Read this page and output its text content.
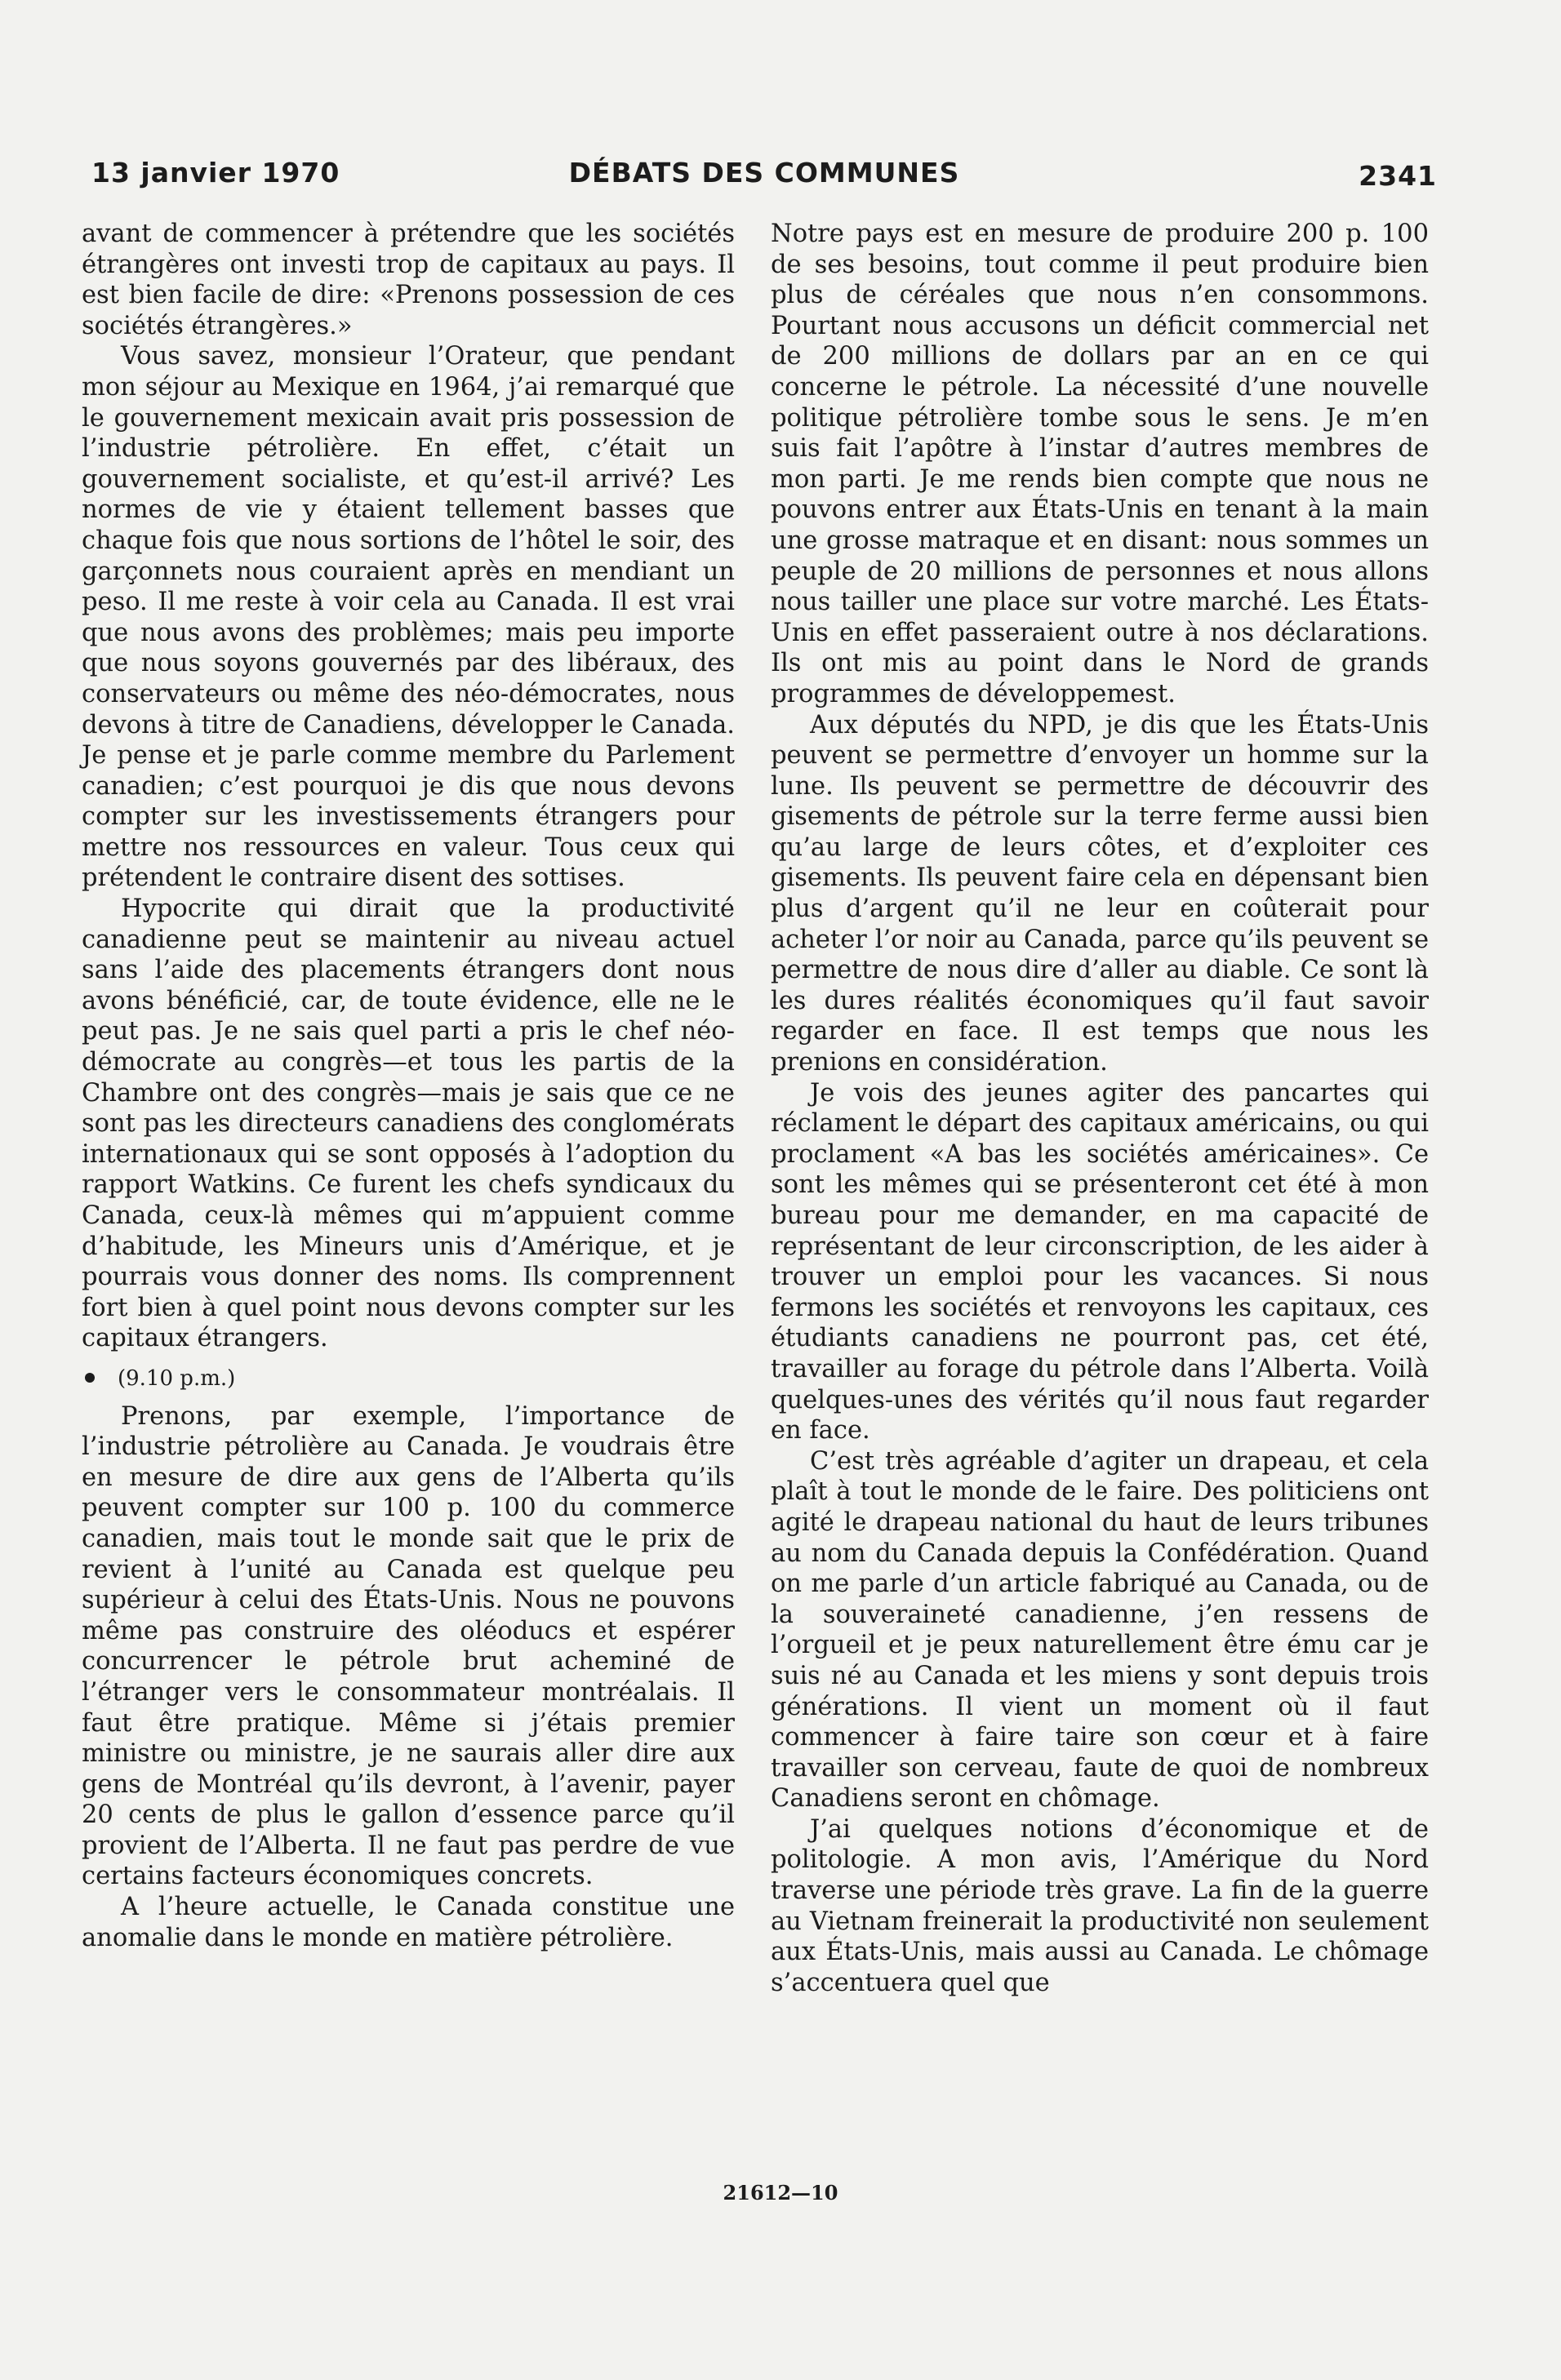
13 janvier 1970	DÉBATS DES COMMUNES	2341

avant de commencer à prétendre que les sociétés étrangères ont investi trop de capitaux au pays. Il est bien facile de dire: «Prenons possession de ces sociétés étrangères.»

Vous savez, monsieur l’Orateur, que pendant mon séjour au Mexique en 1964, j’ai remarqué que le gouvernement mexicain avait pris possession de l’industrie pétrolière. En effet, c’était un gouvernement socialiste, et qu’est-il arrivé? Les normes de vie y étaient tellement basses que chaque fois que nous sortions de l’hôtel le soir, des garçonnets nous couraient après en mendiant un peso. Il me reste à voir cela au Canada. Il est vrai que nous avons des problèmes; mais peu importe que nous soyons gouvernés par des libéraux, des conservateurs ou même des néo-démocrates, nous devons à titre de Canadiens, développer le Canada. Je pense et je parle comme membre du Parlement canadien; c’est pourquoi je dis que nous devons compter sur les investissements étrangers pour mettre nos ressources en valeur. Tous ceux qui prétendent le contraire disent des sottises.

Hypocrite qui dirait que la productivité canadienne peut se maintenir au niveau actuel sans l’aide des placements étrangers dont nous avons bénéficié, car, de toute évidence, elle ne le peut pas. Je ne sais quel parti a pris le chef néo-démocrate au congrès—et tous les partis de la Chambre ont des congrès—mais je sais que ce ne sont pas les directeurs canadiens des conglomérats internationaux qui se sont opposés à l’adoption du rapport Watkins. Ce furent les chefs syndicaux du Canada, ceux-là mêmes qui m’appuient comme d’habitude, les Mineurs unis d’Amérique, et je pourrais vous donner des noms. Ils comprennent fort bien à quel point nous devons compter sur les capitaux étrangers.

(9.10 p.m.)

Prenons, par exemple, l’importance de l’industrie pétrolière au Canada. Je voudrais être en mesure de dire aux gens de l’Alberta qu’ils peuvent compter sur 100 p. 100 du commerce canadien, mais tout le monde sait que le prix de revient à l’unité au Canada est quelque peu supérieur à celui des États-Unis. Nous ne pouvons même pas construire des oléoducs et espérer concurrencer le pétrole brut acheminé de l’étranger vers le consommateur montréalais. Il faut être pratique. Même si j’étais premier ministre ou ministre, je ne saurais aller dire aux gens de Montréal qu’ils devront, à l’avenir, payer 20 cents de plus le gallon d’essence parce qu’il provient de l’Alberta. Il ne faut pas perdre de vue certains facteurs économiques concrets.

A l’heure actuelle, le Canada constitue une anomalie dans le monde en matière pétrolière.

Notre pays est en mesure de produire 200 p. 100 de ses besoins, tout comme il peut produire bien plus de céréales que nous n’en consommons. Pourtant nous accusons un déficit commercial net de 200 millions de dollars par an en ce qui concerne le pétrole. La nécessité d’une nouvelle politique pétrolière tombe sous le sens. Je m’en suis fait l’apôtre à l’instar d’autres membres de mon parti. Je me rends bien compte que nous ne pouvons entrer aux États-Unis en tenant à la main une grosse matraque et en disant: nous sommes un peuple de 20 millions de personnes et nous allons nous tailler une place sur votre marché. Les États-Unis en effet passeraient outre à nos déclarations. Ils ont mis au point dans le Nord de grands programmes de développemest.

Aux députés du NPD, je dis que les États-Unis peuvent se permettre d’envoyer un homme sur la lune. Ils peuvent se permettre de découvrir des gisements de pétrole sur la terre ferme aussi bien qu’au large de leurs côtes, et d’exploiter ces gisements. Ils peuvent faire cela en dépensant bien plus d’argent qu’il ne leur en coûterait pour acheter l’or noir au Canada, parce qu’ils peuvent se permettre de nous dire d’aller au diable. Ce sont là les dures réalités économiques qu’il faut savoir regarder en face. Il est temps que nous les prenions en considération.

Je vois des jeunes agiter des pancartes qui réclament le départ des capitaux américains, ou qui proclament «A bas les sociétés américaines». Ce sont les mêmes qui se présenteront cet été à mon bureau pour me demander, en ma capacité de représentant de leur circonscription, de les aider à trouver un emploi pour les vacances. Si nous fermons les sociétés et renvoyons les capitaux, ces étudiants canadiens ne pourront pas, cet été, travailler au forage du pétrole dans l’Alberta. Voilà quelques-unes des vérités qu’il nous faut regarder en face.

C’est très agréable d’agiter un drapeau, et cela plaît à tout le monde de le faire. Des politiciens ont agité le drapeau national du haut de leurs tribunes au nom du Canada depuis la Confédération. Quand on me parle d’un article fabriqué au Canada, ou de la souveraineté canadienne, j’en ressens de l’orgueil et je peux naturellement être ému car je suis né au Canada et les miens y sont depuis trois générations. Il vient un moment où il faut commencer à faire taire son cœur et à faire travailler son cerveau, faute de quoi de nombreux Canadiens seront en chômage.

J’ai quelques notions d’économique et de politologie. A mon avis, l’Amérique du Nord traverse une période très grave. La fin de la guerre au Vietnam freinerait la productivité non seulement aux États-Unis, mais aussi au Canada. Le chômage s’accentuera quel que

21612—10
